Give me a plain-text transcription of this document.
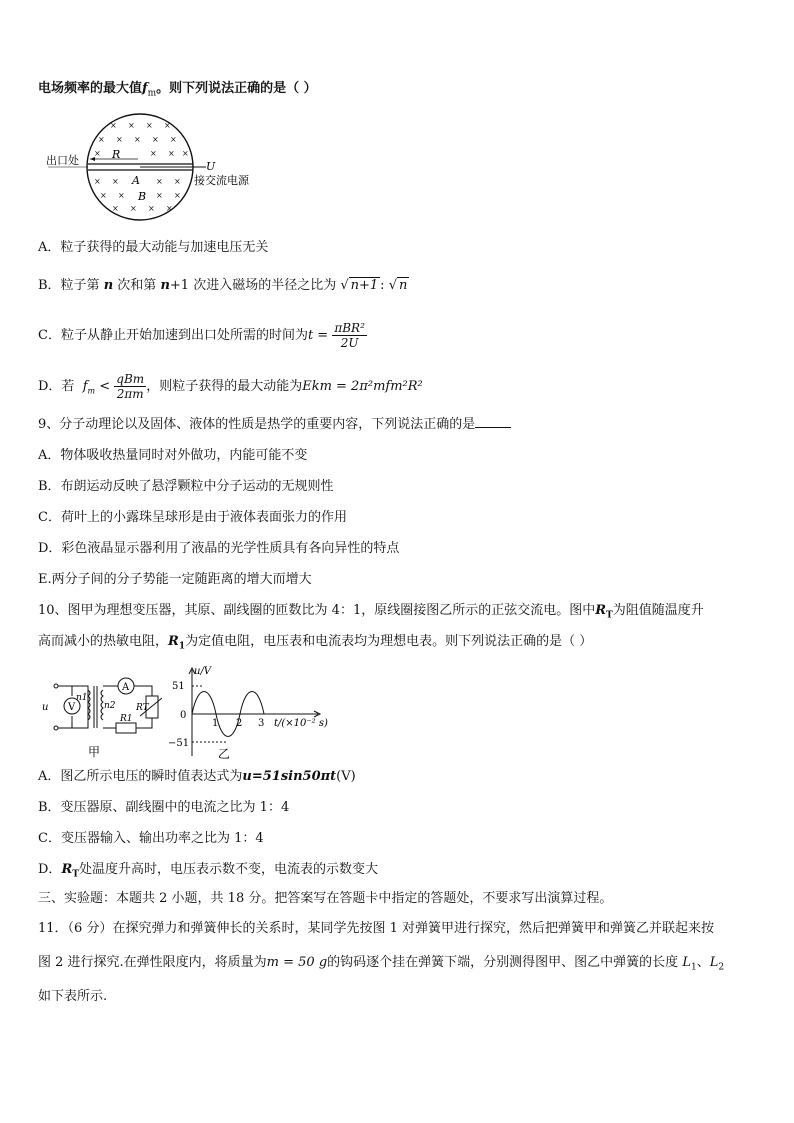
电场频率的最大值$f_m$。则下列说法正确的是（ ）
× × × ×
× × × × ×
×	× × ×
× ×	× ×
× ×	× ×
× × × ×
R
A
B
U
出口处
接交流电源
A．粒子获得的最大动能与加速电压无关
B．粒子第 n 次和第 n+1 次进入磁场的半径之比为 √ n+1 : √ n
C．粒子从静止开始加速到出口处所需的时间为$t = \frac{\text{πBR²}}{2U}$
D．若 $f_m < \frac{\text{qBm}}{2\pi m}$ ，则粒子获得的最大动能为Ekm = 2π²mfm²R²
9、分子动理论以及固体、液体的性质是热学的重要内容，下列说法正确的是
A．物体吸收热量同时对外做功，内能可能不变
B．布朗运动反映了悬浮颗粒中分子运动的无规则性
C．荷叶上的小露珠呈球形是由于液体表面张力的作用
D．彩色液晶显示器利用了液晶的光学性质具有各向异性的特点
E.两分子间的分子势能一定随距离的增大而增大
10、图甲为理想变压器，其原、副线圈的匝数比为 4：1，原线圈接图乙所示的正弦交流电。图中$R_T$为阻值随温度升
高而减小的热敏电阻，$R_1$为定值电阻，电压表和电流表均为理想电表。则下列说法正确的是（ ）
u V
A
n1
n2
R1
RT
甲
u/V
51
0
−51
1 2 3 t/(×10⁻² s)
乙
A．图乙所示电压的瞬时值表达式为u=51sin50πt(V)
B．变压器原、副线圈中的电流之比为 1：4
C．变压器输入、输出功率之比为 1：4
D．$R_T$处温度升高时，电压表示数不变，电流表的示数变大
三、实验题：本题共 2 小题，共 18 分。把答案写在答题卡中指定的答题处，不要求写出演算过程。
11．（6 分）在探究弹力和弹簧伸长的关系时，某同学先按图 1 对弹簧甲进行探究，然后把弹簧甲和弹簧乙并联起来按
图 2 进行探究.在弹性限度内，将质量为m = 50 g的钩码逐个挂在弹簧下端，分别测得图甲、图乙中弹簧的长度 $L_1$、$L_2$
如下表所示.
